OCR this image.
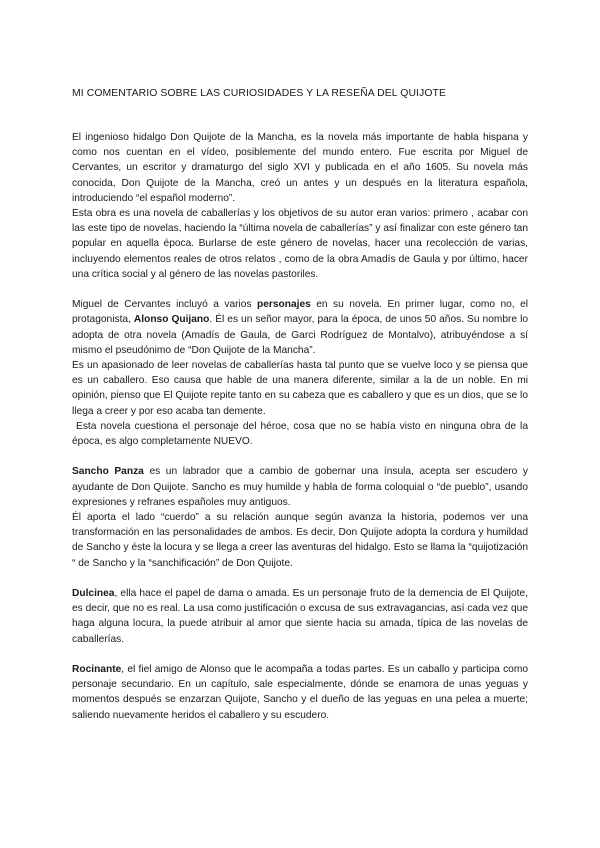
MI COMENTARIO SOBRE LAS CURIOSIDADES Y LA RESEÑA DEL QUIJOTE

El ingenioso hidalgo Don Quijote de la Mancha, es la novela más importante de habla hispana y como nos cuentan en el vídeo, posiblemente del mundo entero. Fue escrita por Miguel de Cervantes, un escritor y dramaturgo del siglo XVI y publicada en el año 1605. Su novela más conocida, Don Quijote de la Mancha, creó un antes y un después en la literatura española, introduciendo “el español moderno”.

Esta obra es una novela de caballerías y los objetivos de su autor eran varios: primero , acabar con las este tipo de novelas, haciendo la “última novela de caballerías” y así finalizar con este género tan popular en aquella época. Burlarse de este género de novelas, hacer una recolección de varias, incluyendo elementos reales de otros relatos , como de la obra Amadís de Gaula y por último, hacer una crítica social y al género de las novelas pastoriles.

Miguel de Cervantes incluyó a varios personajes en su novela. En primer lugar, como no, el protagonista, Alonso Quijano. Él es un señor mayor, para la época, de unos 50 años. Su nombre lo adopta de otra novela (Amadís de Gaula, de Garci Rodríguez de Montalvo), atribuyéndose a sí mismo el pseudónimo de “Don Quijote de la Mancha”.

Es un apasionado de leer novelas de caballerías hasta tal punto que se vuelve loco y se piensa que es un caballero. Eso causa que hable de una manera diferente, similar a la de un noble. En mi opinión, pienso que El Quijote repite tanto en su cabeza que es caballero y que es un dios, que se lo llega a creer y por eso acaba tan demente.

Esta novela cuestiona el personaje del héroe, cosa que no se había visto en ninguna obra de la época, es algo completamente NUEVO.

Sancho Panza es un labrador que a cambio de gobernar una ínsula, acepta ser escudero y ayudante de Don Quijote. Sancho es muy humilde y habla de forma coloquial o “de pueblo”, usando expresiones y refranes españoles muy antiguos.

Él aporta el lado “cuerdo” a su relación aunque según avanza la historia, podemos ver una transformación en las personalidades de ambos. Es decir, Don Quijote adopta la cordura y humildad de Sancho y éste la locura y se llega a creer las aventuras del hidalgo. Esto se llama la “quijotización “ de Sancho y la “sanchificación” de Don Quijote.

Dulcinea, ella hace el papel de dama o amada. Es un personaje fruto de la demencia de El Quijote, es decir, que no es real. La usa como justificación o excusa de sus extravagancias, así cada vez que haga alguna locura, la puede atribuir al amor que siente hacia su amada, típica de las novelas de caballerías.

Rocinante, el fiel amigo de Alonso que le acompaña a todas partes. Es un caballo y participa como personaje secundario. En un capítulo, sale especialmente, dónde se enamora de unas yeguas y momentos después se enzarzan Quijote, Sancho y el dueño de las yeguas en una pelea a muerte; saliendo nuevamente heridos el caballero y su escudero.
